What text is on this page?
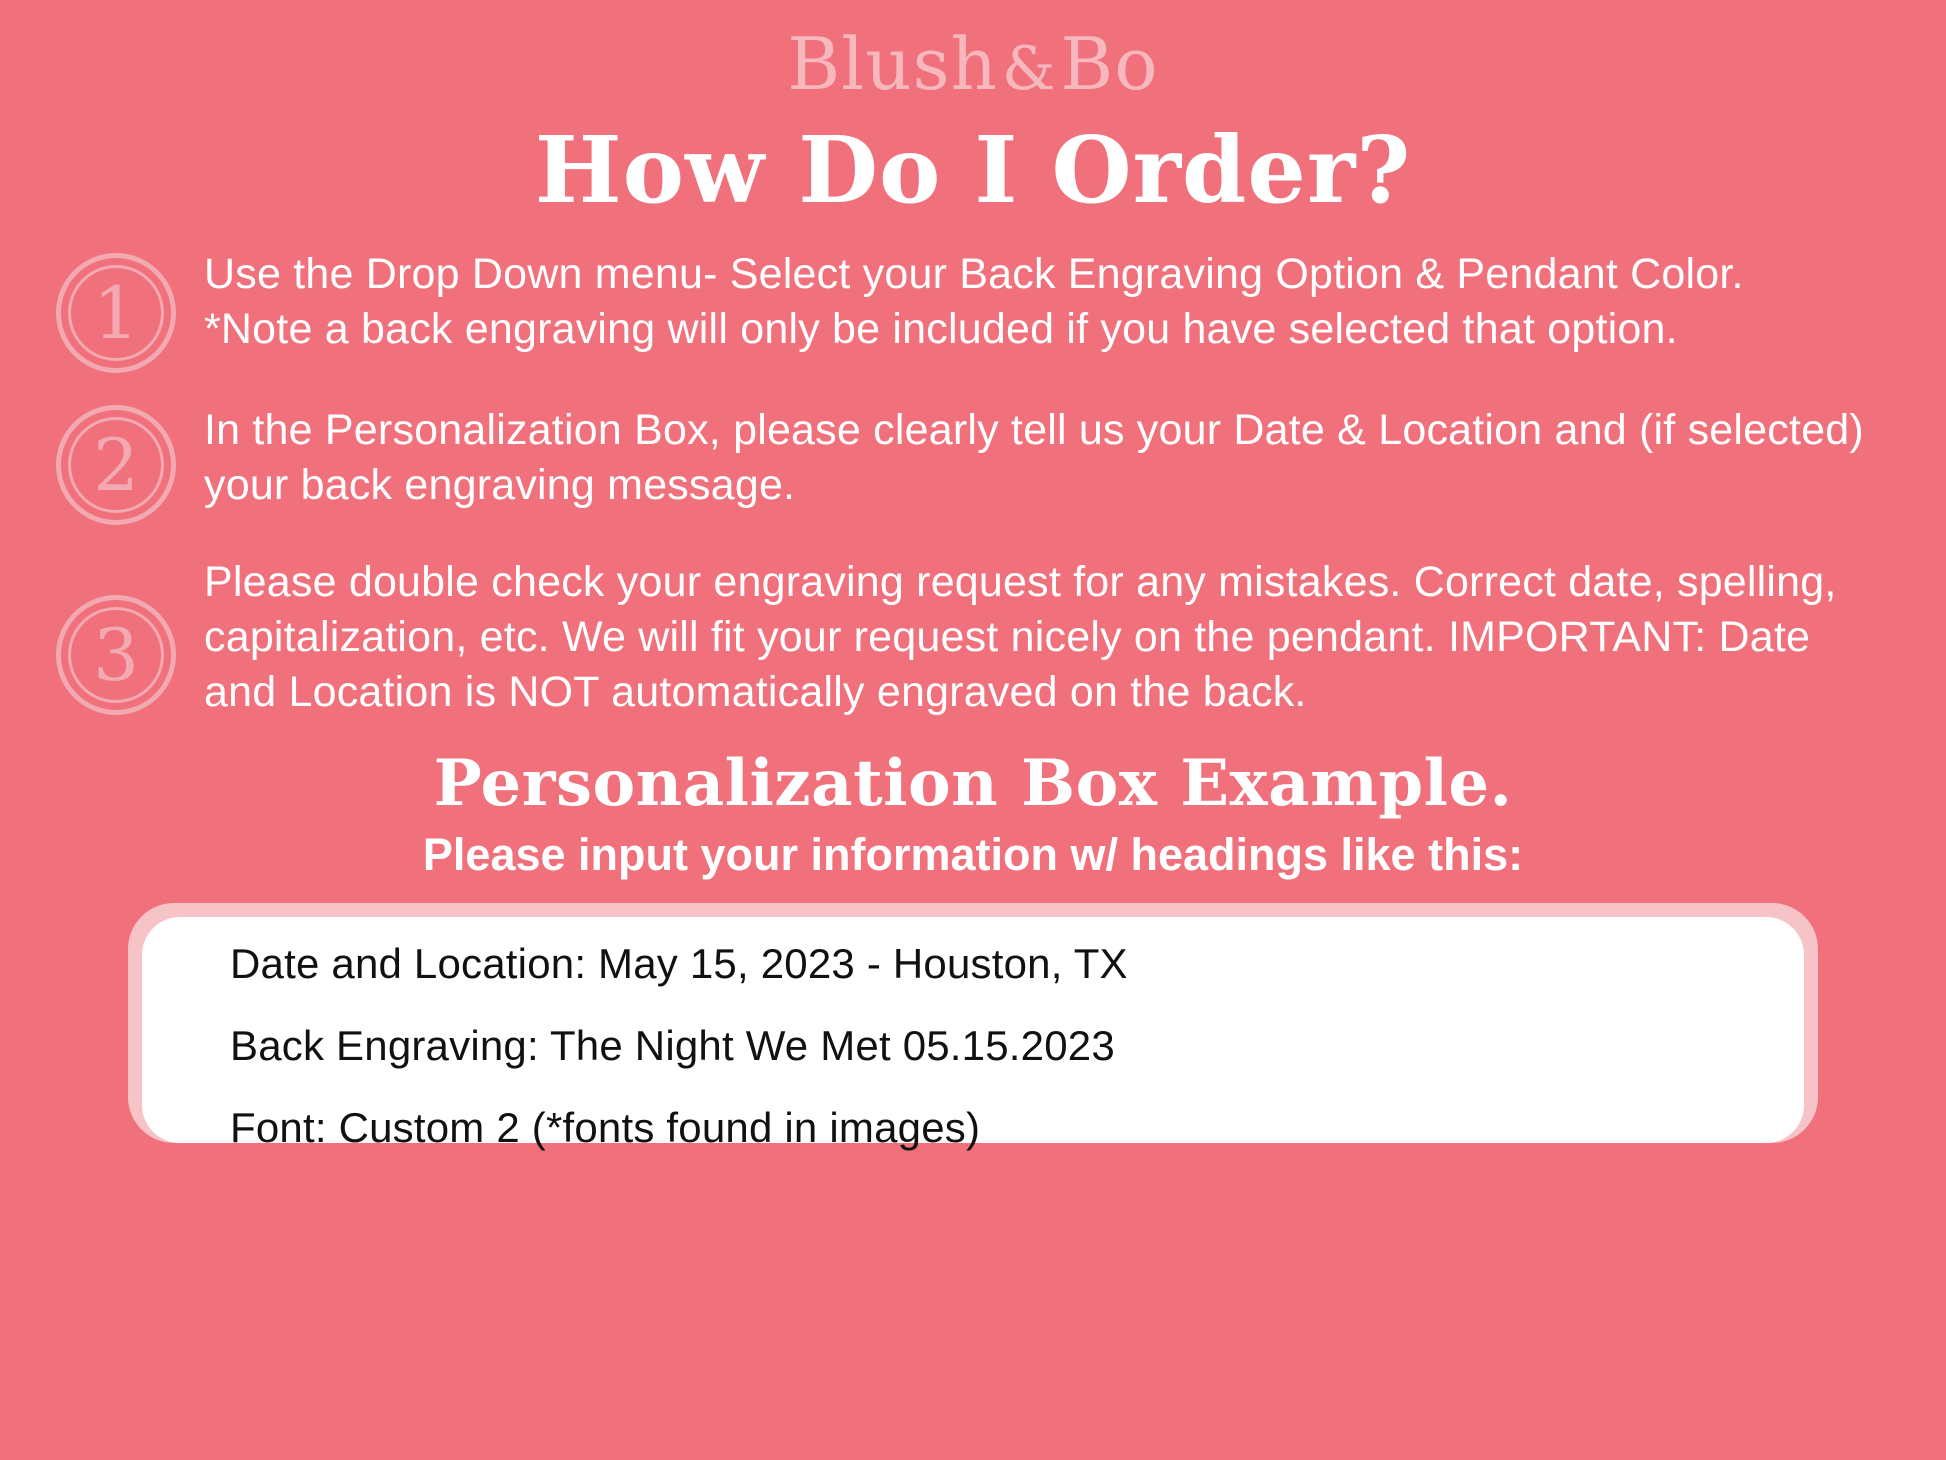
Blush&Bo
How Do I Order?
1 Use the Drop Down menu- Select your Back Engraving Option & Pendant Color. *Note a back engraving will only be included if you have selected that option.
2 In the Personalization Box, please clearly tell us your Date & Location and (if selected) your back engraving message.
3
Please double check your engraving request for any mistakes. Correct date, spelling, capitalization, etc. We will fit your request nicely on the pendant. IMPORTANT: Date and Location is NOT automatically engraved on the back.
Personalization Box Example.
Please input your information w/ headings like this:
Date and Location: May 15, 2023 - Houston, TX
Back Engraving: The Night We Met 05.15.2023
Font: Custom 2 (*fonts found in images)
